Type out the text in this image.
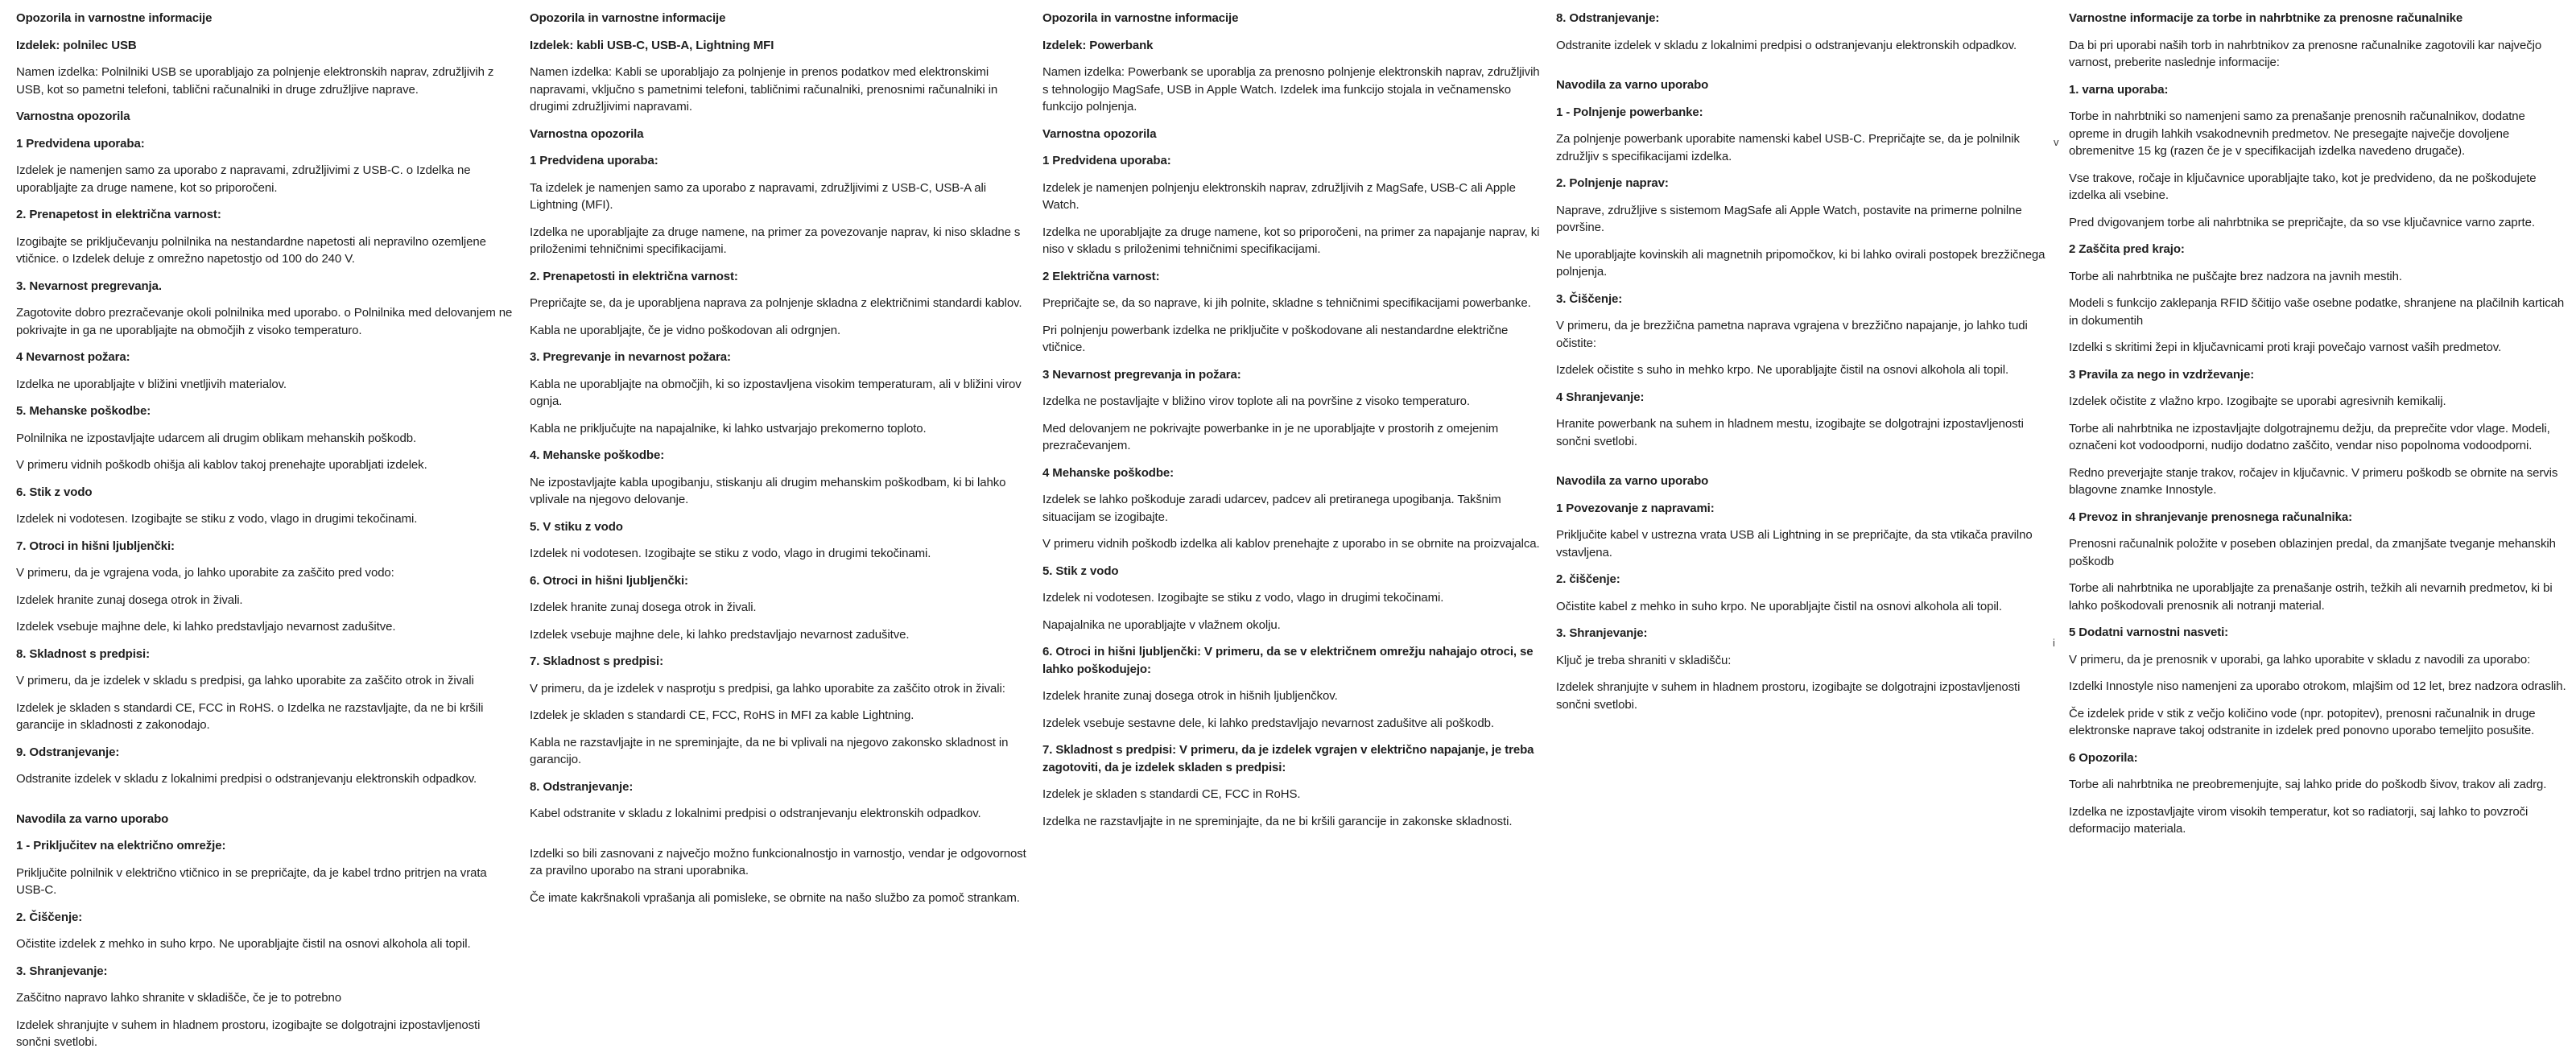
Opozorila in varnostne informacije

Izdelek: polnilec USB

Namen izdelka: Polnilniki USB se uporabljajo za polnjenje elektronskih naprav, združljivih z USB, kot so pametni telefoni, tablični računalniki in druge združljive naprave.

Varnostna opozorila

1 Predvidena uporaba:

Izdelek je namenjen samo za uporabo z napravami, združljivimi z USB-C. o Izdelka ne uporabljajte za druge namene, kot so priporočeni.

2. Prenapetost in električna varnost:

Izogibajte se priključevanju polnilnika na nestandardne napetosti ali nepravilno ozemljene vtičnice. o Izdelek deluje z omrežno napetostjo od 100 do 240 V.

3. Nevarnost pregrevanja.

Zagotovite dobro prezračevanje okoli polnilnika med uporabo. o Polnilnika med delovanjem ne pokrivajte in ga ne uporabljajte na območjih z visoko temperaturo.

4 Nevarnost požara:

Izdelka ne uporabljajte v bližini vnetljivih materialov.

5. Mehanske poškodbe:

Polnilnika ne izpostavljajte udarcem ali drugim oblikam mehanskih poškodb.

V primeru vidnih poškodb ohišja ali kablov takoj prenehajte uporabljati izdelek.

6. Stik z vodo

Izdelek ni vodotesen. Izogibajte se stiku z vodo, vlago in drugimi tekočinami.

7. Otroci in hišni ljubljenčki:

V primeru, da je vgrajena voda, jo lahko uporabite za zaščito pred vodo:

Izdelek hranite zunaj dosega otrok in živali.

Izdelek vsebuje majhne dele, ki lahko predstavljajo nevarnost zadušitve.

8. Skladnost s predpisi:

V primeru, da je izdelek v skladu s predpisi, ga lahko uporabite za zaščito otrok in živali

Izdelek je skladen s standardi CE, FCC in RoHS. o Izdelka ne razstavljajte, da ne bi kršili garancije in skladnosti z zakonodajo.

9. Odstranjevanje:

Odstranite izdelek v skladu z lokalnimi predpisi o odstranjevanju elektronskih odpadkov.

Navodila za varno uporabo

1 - Priključitev na električno omrežje:

Priključite polnilnik v električno vtičnico in se prepričajte, da je kabel trdno pritrjen na vrata USB-C.

2. Čiščenje:

Očistite izdelek z mehko in suho krpo. Ne uporabljajte čistil na osnovi alkohola ali topil.

3. Shranjevanje:

Zaščitno napravo lahko shranite v skladišče, če je to potrebno

Izdelek shranjujte v suhem in hladnem prostoru, izogibajte se dolgotrajni izpostavljenosti sončni svetlobi.

Opozorila in varnostne informacije

Izdelek: kabli USB-C, USB-A, Lightning MFI

Namen izdelka: Kabli se uporabljajo za polnjenje in prenos podatkov med elektronskimi napravami, vključno s pametnimi telefoni, tabličnimi računalniki, prenosnimi računalniki in drugimi združljivimi napravami.

Varnostna opozorila

1 Predvidena uporaba:

Ta izdelek je namenjen samo za uporabo z napravami, združljivimi z USB-C, USB-A ali Lightning (MFI).

Izdelka ne uporabljajte za druge namene, na primer za povezovanje naprav, ki niso skladne s priloženimi tehničnimi specifikacijami.

2. Prenapetosti in električna varnost:

Prepričajte se, da je uporabljena naprava za polnjenje skladna z električnimi standardi kablov.

Kabla ne uporabljajte, če je vidno poškodovan ali odrgnjen.

3. Pregrevanje in nevarnost požara:

Kabla ne uporabljajte na območjih, ki so izpostavljena visokim temperaturam, ali v bližini virov ognja.

Kabla ne priključujte na napajalnike, ki lahko ustvarjajo prekomerno toploto.

4. Mehanske poškodbe:

Ne izpostavljajte kabla upogibanju, stiskanju ali drugim mehanskim poškodbam, ki bi lahko vplivale na njegovo delovanje.

5. V stiku z vodo

Izdelek ni vodotesen. Izogibajte se stiku z vodo, vlago in drugimi tekočinami.

6. Otroci in hišni ljubljenčki:

Izdelek hranite zunaj dosega otrok in živali.

Izdelek vsebuje majhne dele, ki lahko predstavljajo nevarnost zadušitve.

7. Skladnost s predpisi:

V primeru, da je izdelek v nasprotju s predpisi, ga lahko uporabite za zaščito otrok in živali:

Izdelek je skladen s standardi CE, FCC, RoHS in MFI za kable Lightning.

Kabla ne razstavljajte in ne spreminjajte, da ne bi vplivali na njegovo zakonsko skladnost in garancijo.

8. Odstranjevanje:

Kabel odstranite v skladu z lokalnimi predpisi o odstranjevanju elektronskih odpadkov.

Izdelki so bili zasnovani z največjo možno funkcionalnostjo in varnostjo, vendar je odgovornost za pravilno uporabo na strani uporabnika.

Če imate kakršnakoli vprašanja ali pomisleke, se obrnite na našo službo za pomoč strankam.

Opozorila in varnostne informacije

Izdelek: Powerbank

Namen izdelka: Powerbank se uporablja za prenosno polnjenje elektronskih naprav, združljivih s tehnologijo MagSafe, USB in Apple Watch. Izdelek ima funkcijo stojala in večnamensko funkcijo polnjenja.

Varnostna opozorila

1 Predvidena uporaba:

Izdelek je namenjen polnjenju elektronskih naprav, združljivih z MagSafe, USB-C ali Apple Watch.

Izdelka ne uporabljajte za druge namene, kot so priporočeni, na primer za napajanje naprav, ki niso v skladu s priloženimi tehničnimi specifikacijami.

2 Električna varnost:

Prepričajte se, da so naprave, ki jih polnite, skladne s tehničnimi specifikacijami powerbanke.

Pri polnjenju powerbank izdelka ne priključite v poškodovane ali nestandardne električne vtičnice.

3 Nevarnost pregrevanja in požara:

Izdelka ne postavljajte v bližino virov toplote ali na površine z visoko temperaturo.

Med delovanjem ne pokrivajte powerbanke in je ne uporabljajte v prostorih z omejenim prezračevanjem.

4 Mehanske poškodbe:

Izdelek se lahko poškoduje zaradi udarcev, padcev ali pretiranega upogibanja. Takšnim situacijam se izogibajte.

V primeru vidnih poškodb izdelka ali kablov prenehajte z uporabo in se obrnite na proizvajalca.

5. Stik z vodo

Izdelek ni vodotesen. Izogibajte se stiku z vodo, vlago in drugimi tekočinami.

Napajalnika ne uporabljajte v vlažnem okolju.

6. Otroci in hišni ljubljenčki: V primeru, da se v električnem omrežju nahajajo otroci, se lahko poškodujejo:

Izdelek hranite zunaj dosega otrok in hišnih ljubljenčkov.

Izdelek vsebuje sestavne dele, ki lahko predstavljajo nevarnost zadušitve ali poškodb.

7. Skladnost s predpisi: V primeru, da je izdelek vgrajen v električno napajanje, je treba zagotoviti, da je izdelek skladen s predpisi:

Izdelek je skladen s standardi CE, FCC in RoHS.

Izdelka ne razstavljajte in ne spreminjajte, da ne bi kršili garancije in zakonske skladnosti.

8. Odstranjevanje:

Odstranite izdelek v skladu z lokalnimi predpisi o odstranjevanju elektronskih odpadkov.

Navodila za varno uporabo

1 - Polnjenje powerbanke:

Za polnjenje powerbank uporabite namenski kabel USB-C. Prepričajte se, da je polnilnik združljiv s specifikacijami izdelka.

2. Polnjenje naprav:

Naprave, združljive s sistemom MagSafe ali Apple Watch, postavite na primerne polnilne površine.

Ne uporabljajte kovinskih ali magnetnih pripomočkov, ki bi lahko ovirali postopek brezžičnega polnjenja.

3. Čiščenje:

V primeru, da je brezžična pametna naprava vgrajena v brezžično napajanje, jo lahko tudi očistite:

Izdelek očistite s suho in mehko krpo. Ne uporabljajte čistil na osnovi alkohola ali topil.

4 Shranjevanje:

Hranite powerbank na suhem in hladnem mestu, izogibajte se dolgotrajni izpostavljenosti sončni svetlobi.

Navodila za varno uporabo

1 Povezovanje z napravami:

Priključite kabel v ustrezna vrata USB ali Lightning in se prepričajte, da sta vtikača pravilno vstavljena.

2. čiščenje:

Očistite kabel z mehko in suho krpo. Ne uporabljajte čistil na osnovi alkohola ali topil.

3. Shranjevanje:

Ključ je treba shraniti v skladišču:

Izdelek shranjujte v suhem in hladnem prostoru, izogibajte se dolgotrajni izpostavljenosti sončni svetlobi.

Varnostne informacije za torbe in nahrbtnike za prenosne računalnike

Da bi pri uporabi naših torb in nahrbtnikov za prenosne računalnike zagotovili kar največjo varnost, preberite naslednje informacije:

1. varna uporaba:

Torbe in nahrbtniki so namenjeni samo za prenašanje prenosnih računalnikov, dodatne opreme in drugih lahkih vsakodnevnih predmetov. Ne presegajte največje dovoljene obremenitve 15 kg (razen če je v specifikacijah izdelka navedeno drugače).

Vse trakove, ročaje in ključavnice uporabljajte tako, kot je predvideno, da ne poškodujete izdelka ali vsebine.

Pred dvigovanjem torbe ali nahrbtnika se prepričajte, da so vse ključavnice varno zaprte.

2 Zaščita pred krajo:

Torbe ali nahrbtnika ne puščajte brez nadzora na javnih mestih.

Modeli s funkcijo zaklepanja RFID ščitijo vaše osebne podatke, shranjene na plačilnih karticah in dokumentih

Izdelki s skritimi žepi in ključavnicami proti kraji povečajo varnost vaših predmetov.

3 Pravila za nego in vzdrževanje:

Izdelek očistite z vlažno krpo. Izogibajte se uporabi agresivnih kemikalij.

Torbe ali nahrbtnika ne izpostavljajte dolgotrajnemu dežju, da preprečite vdor vlage. Modeli, označeni kot vodoodporni, nudijo dodatno zaščito, vendar niso popolnoma vodoodporni.

Redno preverjajte stanje trakov, ročajev in ključavnic. V primeru poškodb se obrnite na servis blagovne znamke Innostyle.

4 Prevoz in shranjevanje prenosnega računalnika:

Prenosni računalnik položite v poseben oblazinjen predal, da zmanjšate tveganje mehanskih poškodb

Torbe ali nahrbtnika ne uporabljajte za prenašanje ostrih, težkih ali nevarnih predmetov, ki bi lahko poškodovali prenosnik ali notranji material.

5 Dodatni varnostni nasveti:

V primeru, da je prenosnik v uporabi, ga lahko uporabite v skladu z navodili za uporabo:

Izdelki Innostyle niso namenjeni za uporabo otrokom, mlajšim od 12 let, brez nadzora odraslih.

Če izdelek pride v stik z večjo količino vode (npr. potopitev), prenosni računalnik in druge elektronske naprave takoj odstranite in izdelek pred ponovno uporabo temeljito posušite.

6 Opozorila:

Torbe ali nahrbtnika ne preobremenjujte, saj lahko pride do poškodb šivov, trakov ali zadrg.

Izdelka ne izpostavljajte virom visokih temperatur, kot so radiatorji, saj lahko to povzroči deformacijo materiala.

v
i
